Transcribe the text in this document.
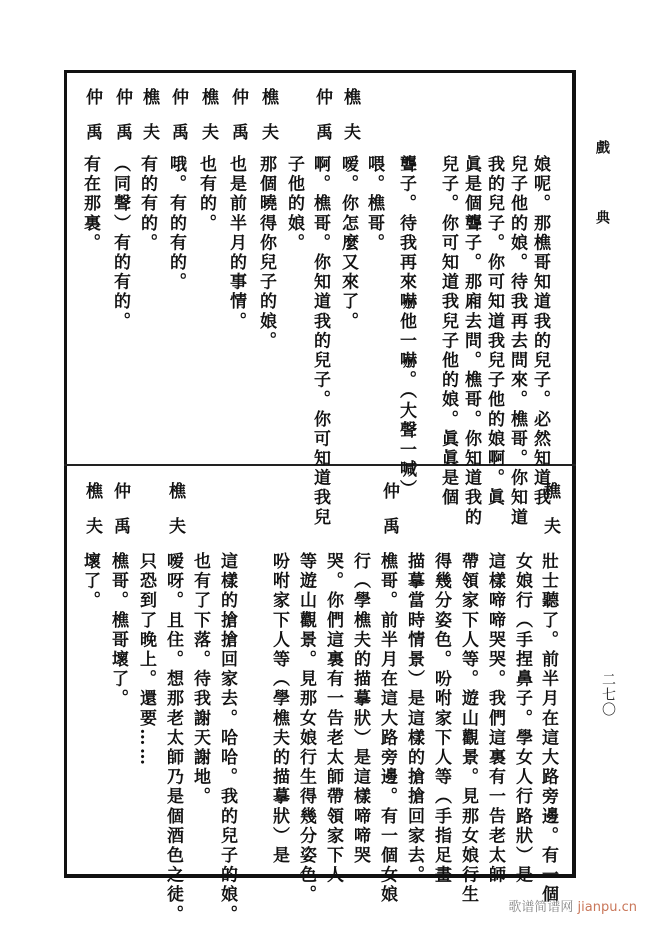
戲
典
二七〇
娘呢。那樵哥知道我的兒子。必然知道我
兒子他的娘。待我再去問來。樵哥。你知道
我的兒子。你可知道我兒子他的娘啊。眞
眞是個聾子。那廂去問。樵哥。你知道我的
兒子。你可知道我兒子他的娘。眞眞是個
聾子。待我再來嚇他一嚇。（大聲一喊）
喂。樵哥。
樵夫
嗳。你怎麼又來了。
仲禹
啊。樵哥。你知道我的兒子。你可知道我兒
子他的娘。
樵夫
那個曉得你兒子的娘。
仲禹
也是前半月的事情。
樵夫
也有的。
仲禹
哦。有的有的。
樵夫
有的有的。
仲禹
（同聲）有的有的。
仲禹
有在那裏。
樵夫
壯士聽了。前半月在這大路旁邊。有一個
女娘行（手捏鼻子。學女人行路狀）是
這樣啼啼哭哭。我們這裏有一告老太師
帶領家下人等。遊山觀景。見那女娘行生
得幾分姿色。吩咐家下人等（手指足畫
描摹當時情景）是這樣的搶搶回家去。
仲禹
樵哥。前半月在這大路旁邊。有一個女娘
行（學樵夫的描摹狀）是這樣啼啼哭
哭。你們這裏有一告老太師帶領家下人
等遊山觀景。見那女娘行生得幾分姿色。
吩咐家下人等（學樵夫的描摹狀）是
這樣的搶搶回家去。哈哈。我的兒子的娘。
也有了下落。待我謝天謝地。
樵夫
嗳呀。且住。想那老太師乃是個酒色之徒。
只恐到了晚上。還要……
仲禹
樵哥。樵哥壞了。
樵夫
壞了。
歌谱简谱网 jianpu.cn
